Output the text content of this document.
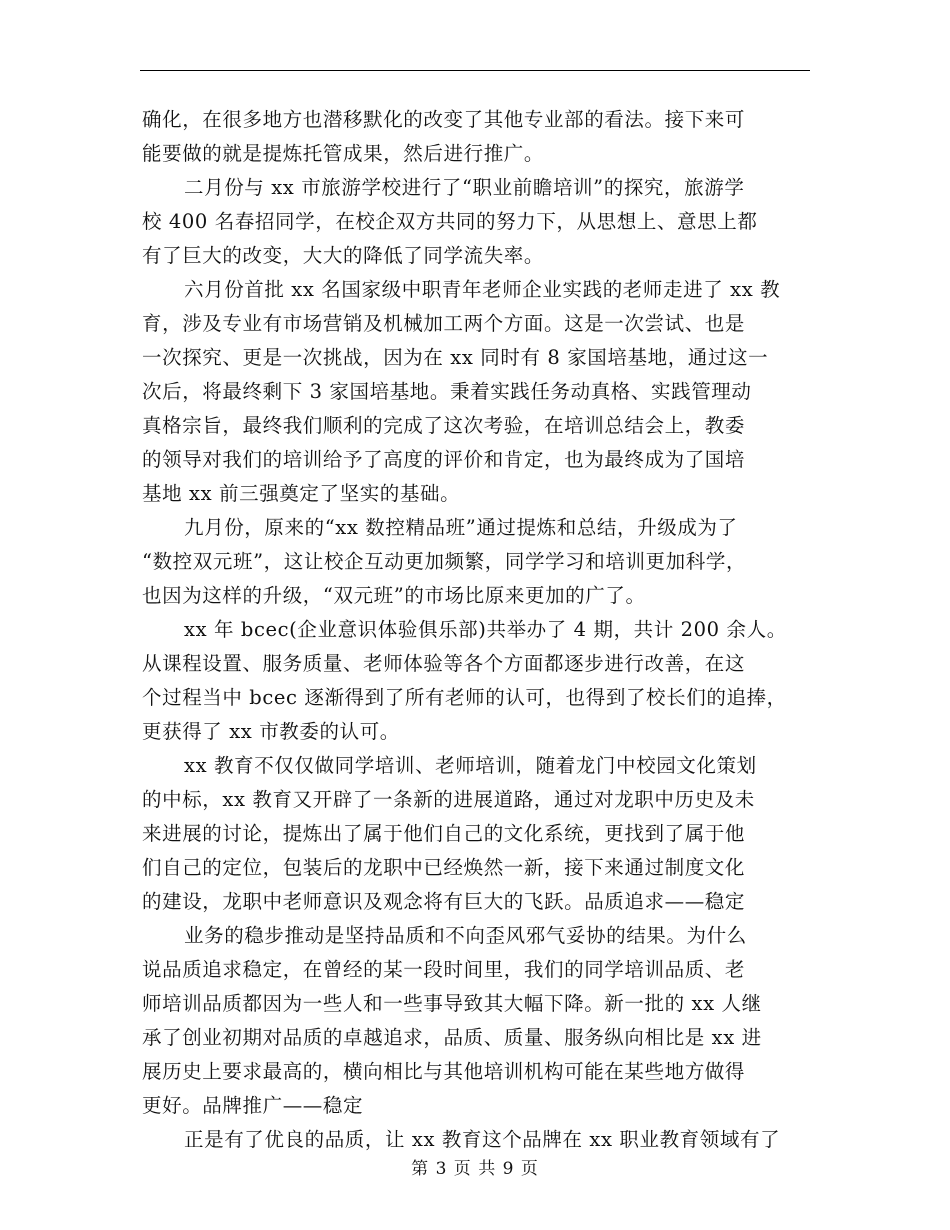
确化，在很多地方也潜移默化的改变了其他专业部的看法。接下来可
能要做的就是提炼托管成果，然后进行推广。
二月份与 xx 市旅游学校进行了“职业前瞻培训”的探究，旅游学
校 400 名春招同学，在校企双方共同的努力下，从思想上、意思上都
有了巨大的改变，大大的降低了同学流失率。
六月份首批 xx 名国家级中职青年老师企业实践的老师走进了 xx 教
育，涉及专业有市场营销及机械加工两个方面。这是一次尝试、也是
一次探究、更是一次挑战，因为在 xx 同时有 8 家国培基地，通过这一
次后，将最终剩下 3 家国培基地。秉着实践任务动真格、实践管理动
真格宗旨，最终我们顺利的完成了这次考验，在培训总结会上，教委
的领导对我们的培训给予了高度的评价和肯定，也为最终成为了国培
基地 xx 前三强奠定了坚实的基础。
九月份，原来的“xx 数控精品班”通过提炼和总结，升级成为了
“数控双元班”，这让校企互动更加频繁，同学学习和培训更加科学，
也因为这样的升级，“双元班”的市场比原来更加的广了。
xx 年 bcec(企业意识体验俱乐部)共举办了 4 期，共计 200 余人。
从课程设置、服务质量、老师体验等各个方面都逐步进行改善，在这
个过程当中 bcec 逐渐得到了所有老师的认可，也得到了校长们的追捧，
更获得了 xx 市教委的认可。
xx 教育不仅仅做同学培训、老师培训，随着龙门中校园文化策划
的中标，xx 教育又开辟了一条新的进展道路，通过对龙职中历史及未
来进展的讨论，提炼出了属于他们自己的文化系统，更找到了属于他
们自己的定位，包装后的龙职中已经焕然一新，接下来通过制度文化
的建设，龙职中老师意识及观念将有巨大的飞跃。品质追求——稳定
业务的稳步推动是坚持品质和不向歪风邪气妥协的结果。为什么
说品质追求稳定，在曾经的某一段时间里，我们的同学培训品质、老
师培训品质都因为一些人和一些事导致其大幅下降。新一批的 xx 人继
承了创业初期对品质的卓越追求，品质、质量、服务纵向相比是 xx 进
展历史上要求最高的，横向相比与其他培训机构可能在某些地方做得
更好。品牌推广——稳定
正是有了优良的品质，让 xx 教育这个品牌在 xx 职业教育领域有了
第 3 页 共 9 页
